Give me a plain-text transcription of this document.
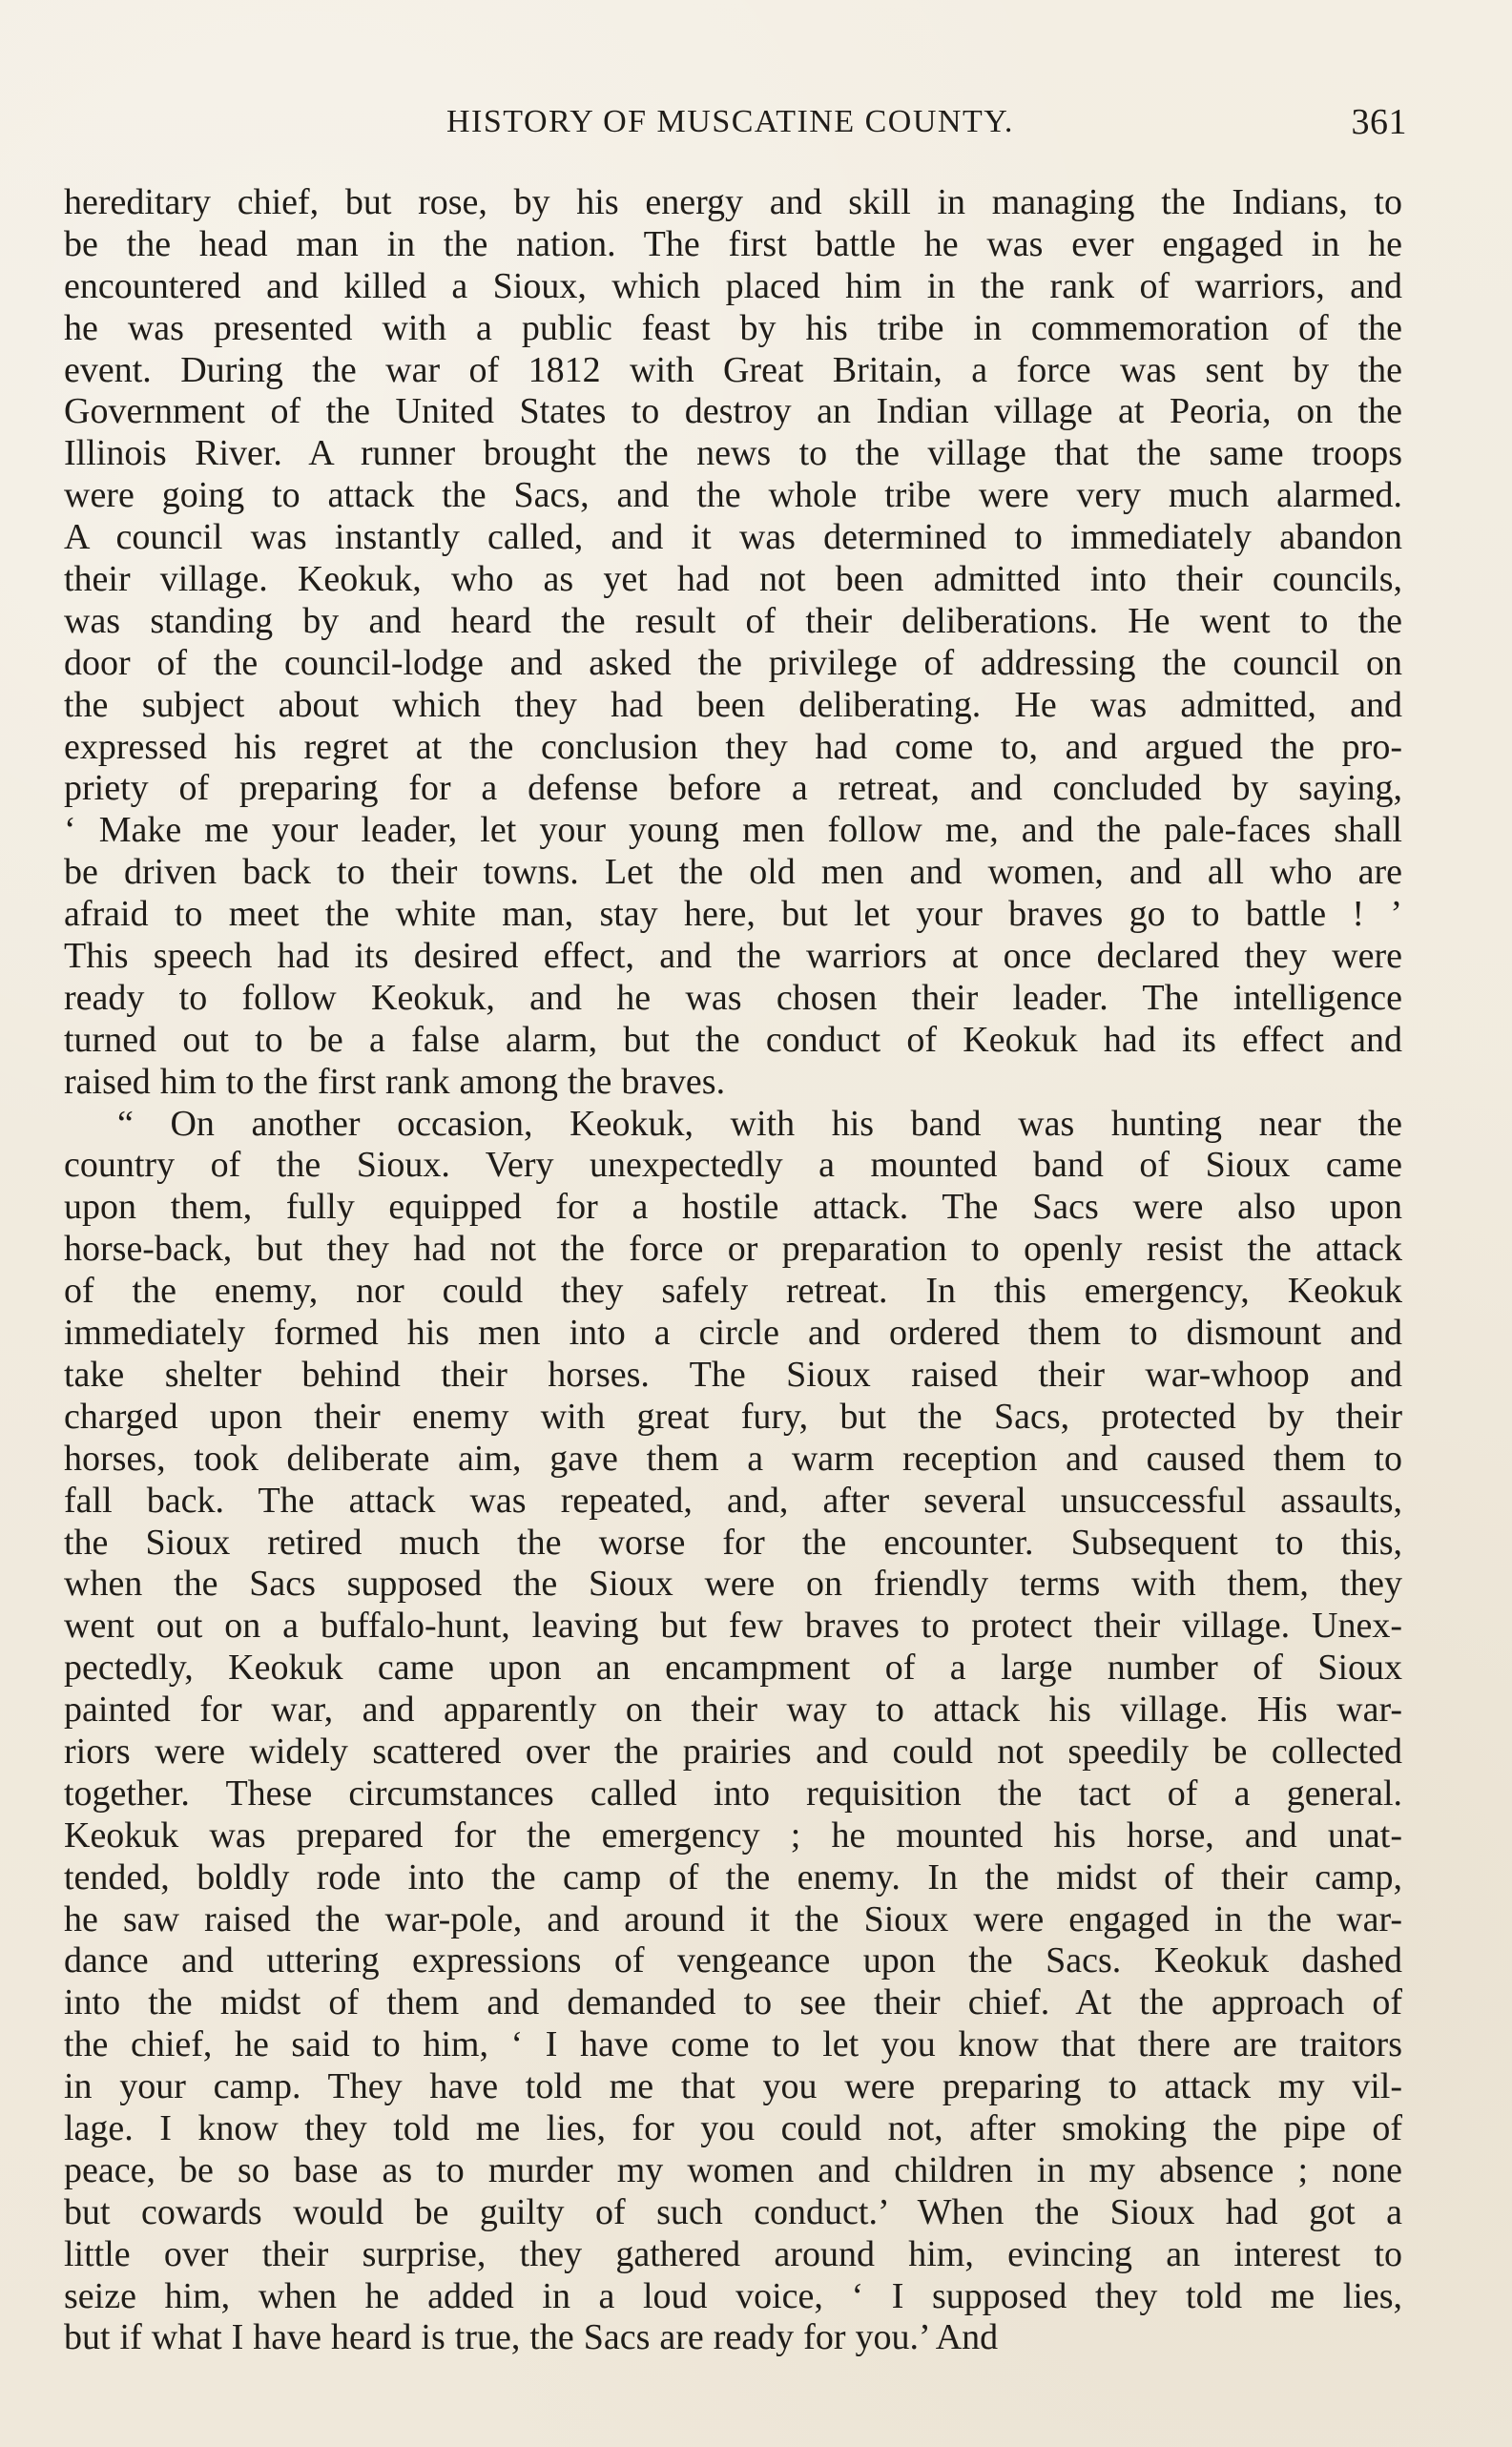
HISTORY OF MUSCATINE COUNTY.	361
hereditary chief, but rose, by his energy and skill in managing the Indians, to
be the head man in the nation. The first battle he was ever engaged in he
encountered and killed a Sioux, which placed him in the rank of warriors, and
he was presented with a public feast by his tribe in commemoration of the
event. During the war of 1812 with Great Britain, a force was sent by the
Government of the United States to destroy an Indian village at Peoria, on the
Illinois River. A runner brought the news to the village that the same troops
were going to attack the Sacs, and the whole tribe were very much alarmed.
A council was instantly called, and it was determined to immediately abandon
their village. Keokuk, who as yet had not been admitted into their councils,
was standing by and heard the result of their deliberations. He went to the
door of the council-lodge and asked the privilege of addressing the council on
the subject about which they had been deliberating. He was admitted, and
expressed his regret at the conclusion they had come to, and argued the pro-
priety of preparing for a defense before a retreat, and concluded by saying,
‘ Make me your leader, let your young men follow me, and the pale-faces shall
be driven back to their towns. Let the old men and women, and all who are
afraid to meet the white man, stay here, but let your braves go to battle ! ’
This speech had its desired effect, and the warriors at once declared they were
ready to follow Keokuk, and he was chosen their leader. The intelligence
turned out to be a false alarm, but the conduct of Keokuk had its effect and
raised him to the first rank among the braves.
“ On another occasion, Keokuk, with his band was hunting near the
country of the Sioux. Very unexpectedly a mounted band of Sioux came
upon them, fully equipped for a hostile attack. The Sacs were also upon
horse-back, but they had not the force or preparation to openly resist the attack
of the enemy, nor could they safely retreat. In this emergency, Keokuk
immediately formed his men into a circle and ordered them to dismount and
take shelter behind their horses. The Sioux raised their war-whoop and
charged upon their enemy with great fury, but the Sacs, protected by their
horses, took deliberate aim, gave them a warm reception and caused them to
fall back. The attack was repeated, and, after several unsuccessful assaults,
the Sioux retired much the worse for the encounter. Subsequent to this,
when the Sacs supposed the Sioux were on friendly terms with them, they
went out on a buffalo-hunt, leaving but few braves to protect their village. Unex-
pectedly, Keokuk came upon an encampment of a large number of Sioux
painted for war, and apparently on their way to attack his village. His war-
riors were widely scattered over the prairies and could not speedily be collected
together. These circumstances called into requisition the tact of a general.
Keokuk was prepared for the emergency ; he mounted his horse, and unat-
tended, boldly rode into the camp of the enemy. In the midst of their camp,
he saw raised the war-pole, and around it the Sioux were engaged in the war-
dance and uttering expressions of vengeance upon the Sacs. Keokuk dashed
into the midst of them and demanded to see their chief. At the approach of
the chief, he said to him, ‘ I have come to let you know that there are traitors
in your camp. They have told me that you were preparing to attack my vil-
lage. I know they told me lies, for you could not, after smoking the pipe of
peace, be so base as to murder my women and children in my absence ; none
but cowards would be guilty of such conduct.’ When the Sioux had got a
little over their surprise, they gathered around him, evincing an interest to
seize him, when he added in a loud voice, ‘ I supposed they told me lies,
but if what I have heard is true, the Sacs are ready for you.’ And
